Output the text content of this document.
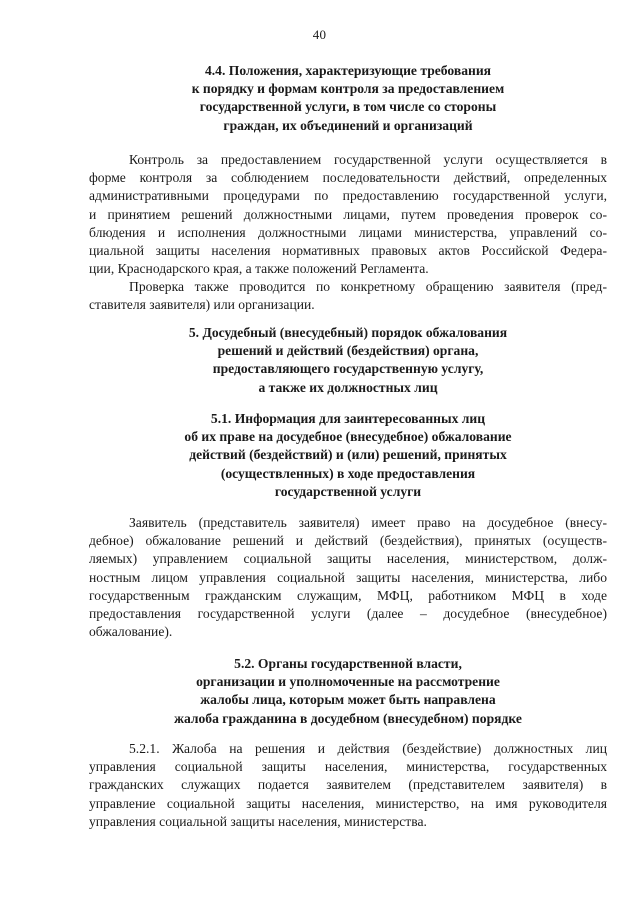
40
4.4. Положения, характеризующие требования
к порядку и формам контроля за предоставлением
государственной услуги, в том числе со стороны
граждан, их объединений и организаций
Контроль за предоставлением государственной услуги осуществляется в
форме контроля за соблюдением последовательности действий, определенных
административными процедурами по предоставлению государственной услуги,
и принятием решений должностными лицами, путем проведения проверок со-
блюдения и исполнения должностными лицами министерства, управлений со-
циальной защиты населения нормативных правовых актов Российской Федера-
ции, Краснодарского края, а также положений Регламента.
Проверка также проводится по конкретному обращению заявителя (пред-
ставителя заявителя) или организации.
5. Досудебный (внесудебный) порядок обжалования
решений и действий (бездействия) органа,
предоставляющего государственную услугу,
а также их должностных лиц
5.1. Информация для заинтересованных лиц
об их праве на досудебное (внесудебное) обжалование
действий (бездействий) и (или) решений, принятых
(осуществленных) в ходе предоставления
государственной услуги
Заявитель (представитель заявителя) имеет право на досудебное (внесу-
дебное) обжалование решений и действий (бездействия), принятых (осуществ-
ляемых) управлением социальной защиты населения, министерством, долж-
ностным лицом управления социальной защиты населения, министерства, либо
государственным гражданским служащим, МФЦ, работником МФЦ в ходе
предоставления государственной услуги (далее – досудебное (внесудебное)
обжалование).
5.2. Органы государственной власти,
организации и уполномоченные на рассмотрение
жалобы лица, которым может быть направлена
жалоба гражданина в досудебном (внесудебном) порядке
5.2.1. Жалоба на решения и действия (бездействие) должностных лиц
управления социальной защиты населения, министерства, государственных
гражданских служащих подается заявителем (представителем заявителя) в
управление социальной защиты населения, министерство, на имя руководителя
управления социальной защиты населения, министерства.
